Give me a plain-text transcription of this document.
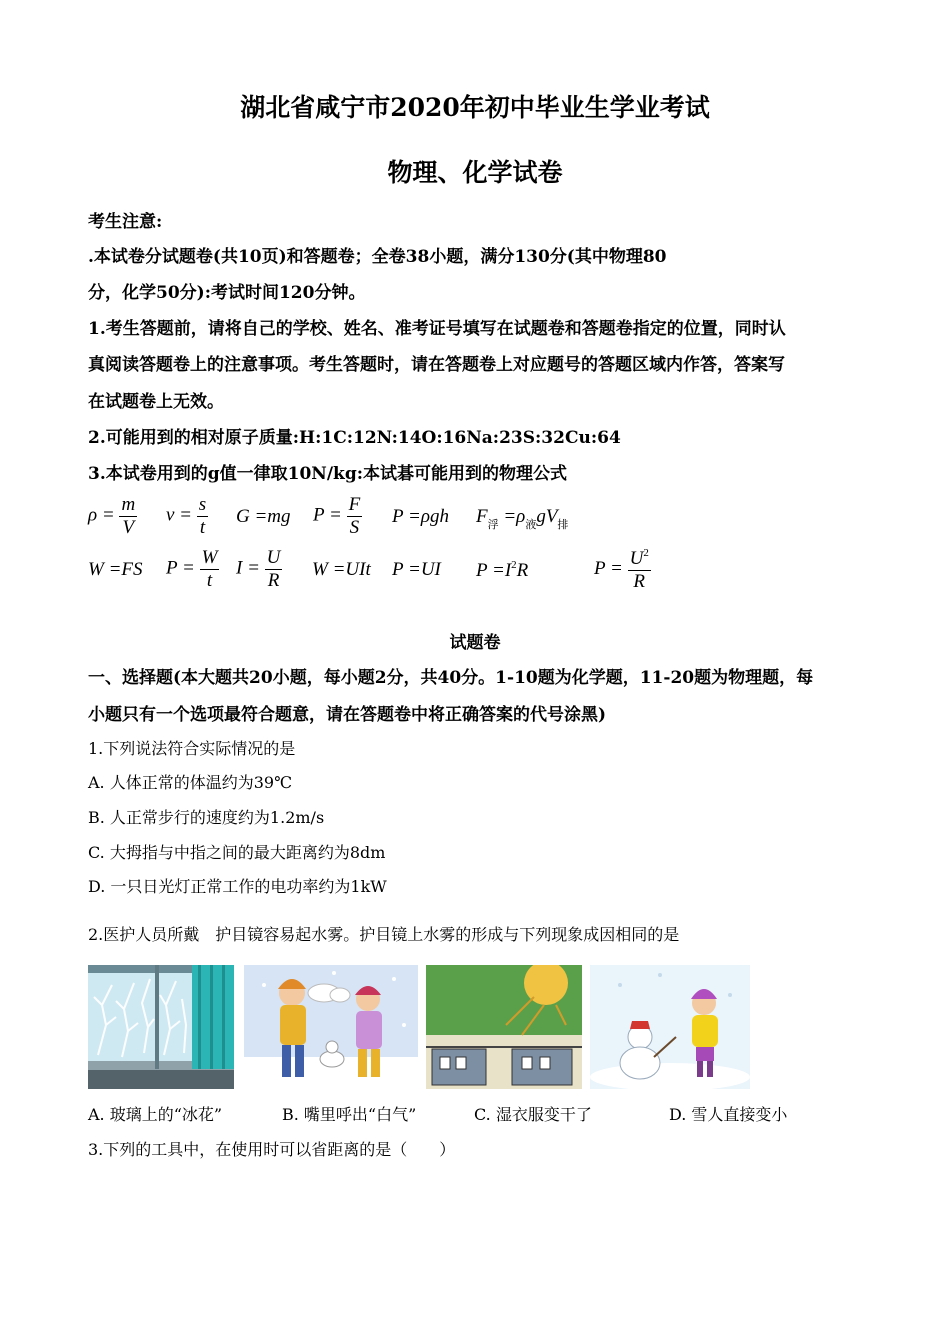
湖北省咸宁市2020年初中毕业生学业考试
物理、化学试卷
考生注意:
.本试卷分试题卷(共10页)和答题卷；全卷38小题，满分130分(其中物理80
分，化学50分):考试时间120分钟。
1.考生答题前，请将自己的学校、姓名、准考证号填写在试题卷和答题卷指定的位置，同时认
真阅读答题卷上的注意事项。考生答题时，请在答题卷上对应题号的答题区域内作答，答案写
在试题卷上无效。
2.可能用到的相对原子质量:H:1C:12N:14O:16Na:23S:32Cu:64
3.本试卷用到的g值一律取10N/kg:本试碁可能用到的物理公式
$\rho = \frac{m}{V}$ $v = \frac{s}{t}$ G =mg $P = \frac{F}{S}$ P =ρgh $F_浮 =\rho_液gV_排$
W =FS $P = \frac{W}{t}$ $I = \frac{U}{R}$ W =UIt P =UI $P =I^2R$	$P = \frac{U^2}{R}$
试题卷
一、选择题(本大题共20小题，每小题2分，共40分。1-10题为化学题，11-20题为物理题，每
小题只有一个选项最符合题意，请在答题卷中将正确答案的代号涂黑)
1.下列说法符合实际情况的是
A. 人体正常的体温约为39℃
B. 人正常步行的速度约为1.2m/s
C. 大拇指与中指之间的最大距离约为8dm
D. 一只日光灯正常工作的电功率约为1kW
2.医护人员所戴　护目镜容易起水雾。护目镜上水雾的形成与下列现象成因相同的是
A. 玻璃上的“冰花”	B. 嘴里呼出“白气”	C. 湿衣服变干了	D. 雪人直接变小
3.下列的工具中，在使用时可以省距离的是（　　）
